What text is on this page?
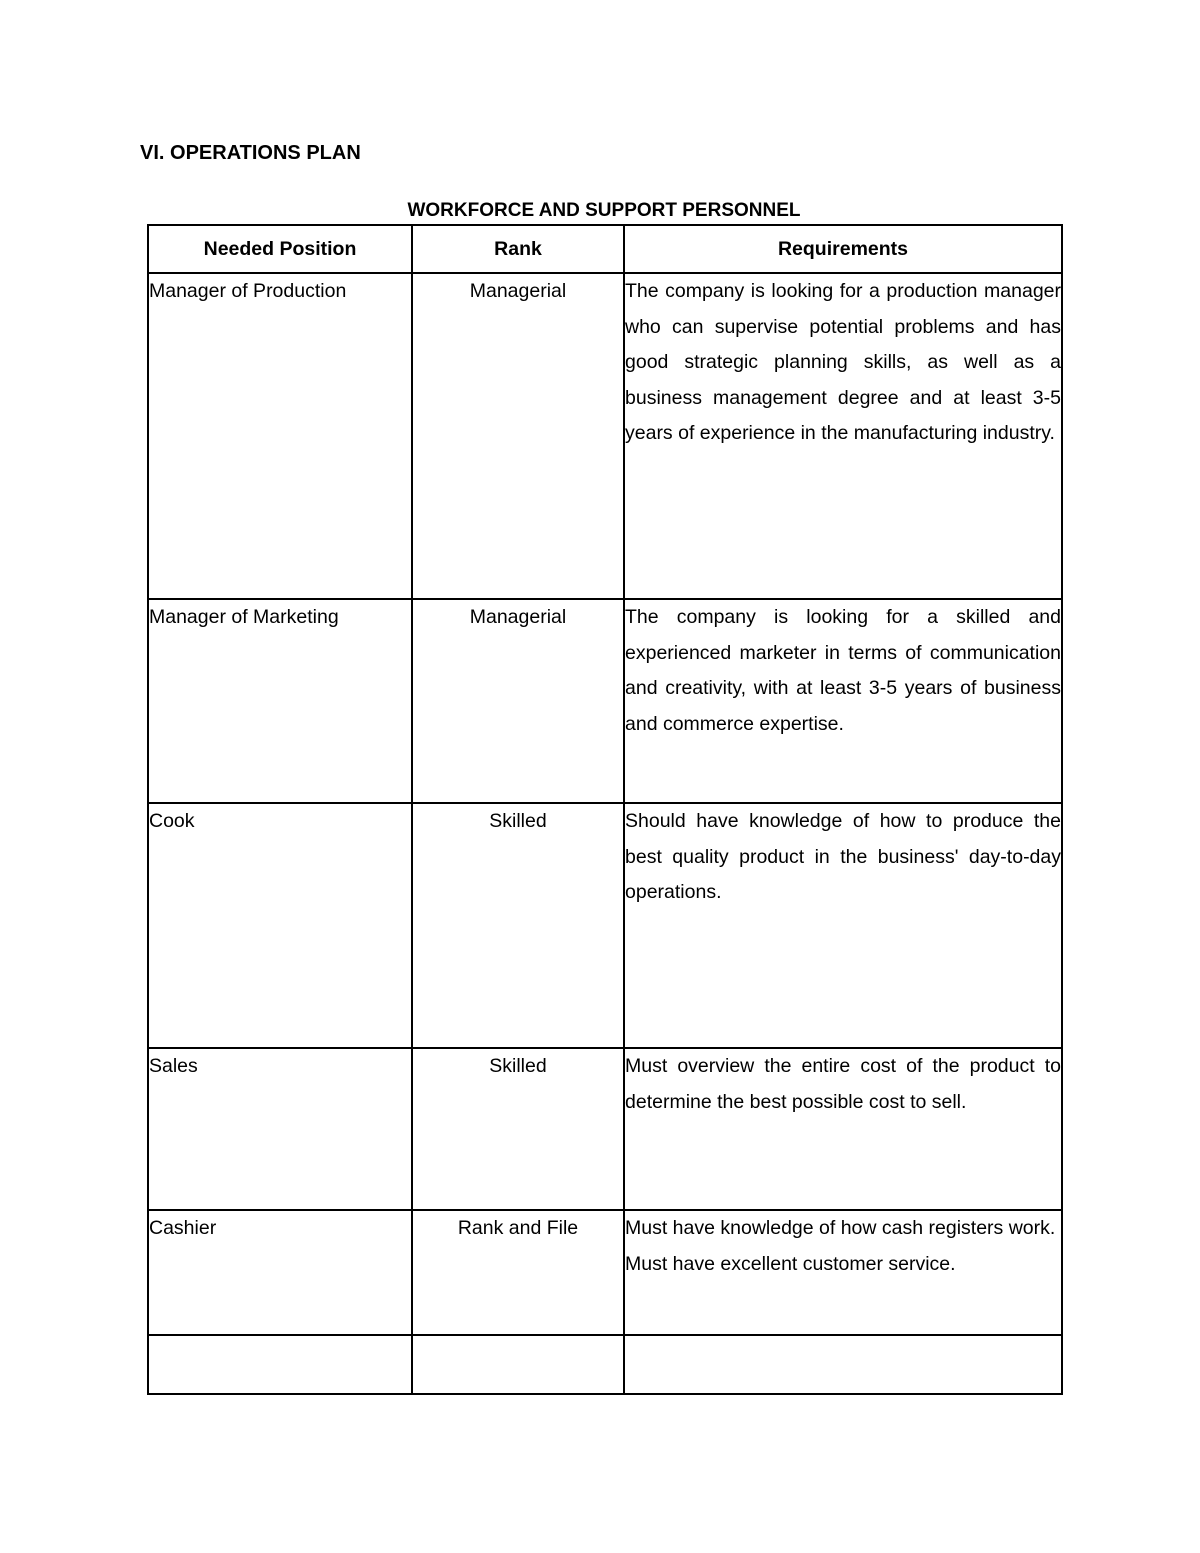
VI. OPERATIONS PLAN
WORKFORCE AND SUPPORT PERSONNEL
Needed Position	Rank	Requirements
Manager of Production	Managerial	The company is looking for a production manager who can supervise potential problems and has good strategic planning skills, as well as a business management degree and at least 3-5 years of experience in the manufacturing industry.
Manager of Marketing	Managerial	The company is looking for a skilled and experienced marketer in terms of communication and creativity, with at least 3-5 years of business and commerce expertise.
Cook	Skilled	Should have knowledge of how to produce the best quality product in the business' day-to-day operations.
Sales	Skilled	Must overview the entire cost of the product to determine the best possible cost to sell.
Cashier	Rank and File	Must have knowledge of how cash registers work. Must have excellent customer service.
